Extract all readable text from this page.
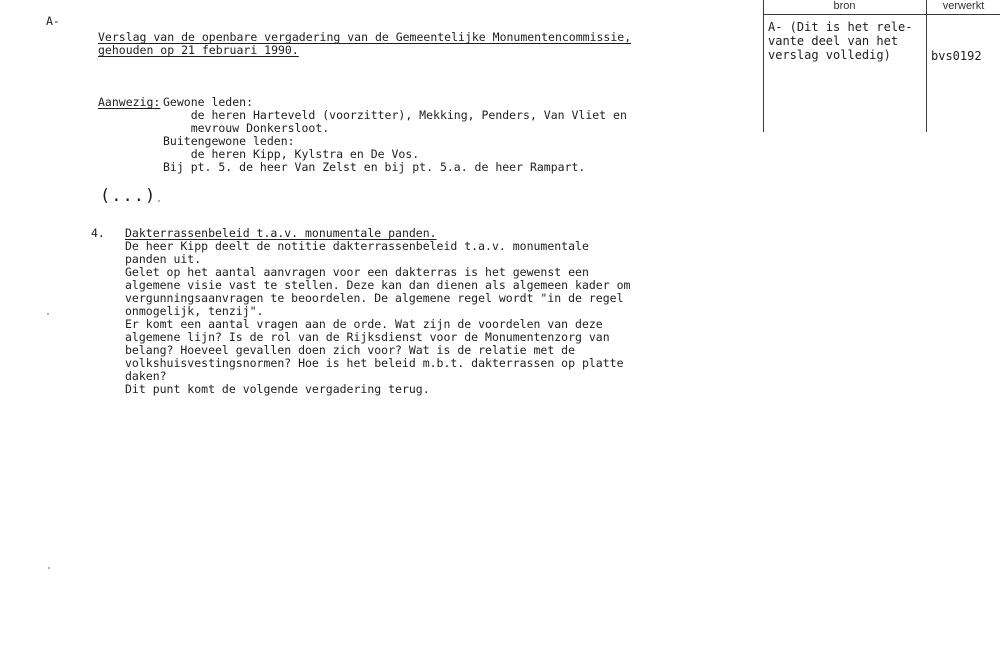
A-
Verslag van de openbare vergadering van de Gemeentelijke Monumentencommissie,
gehouden op 21 februari 1990.
Aanwezig: Gewone leden:
de heren Harteveld (voorzitter), Mekking, Penders, Van Vliet en
mevrouw Donkersloot.
Buitengewone leden:
de heren Kipp, Kylstra en De Vos.
Bij pt. 5. de heer Van Zelst en bij pt. 5.a. de heer Rampart.
(...)
4. Dakterrassenbeleid t.a.v. monumentale panden.
De heer Kipp deelt de notitie dakterrassenbeleid t.a.v. monumentale
panden uit.
Gelet op het aantal aanvragen voor een dakterras is het gewenst een
algemene visie vast te stellen. Deze kan dan dienen als algemeen kader om
vergunningsaanvragen te beoordelen. De algemene regel wordt "in de regel
onmogelijk, tenzij".
Er komt een aantal vragen aan de orde. Wat zijn de voordelen van deze
algemene lijn? Is de rol van de Rijksdienst voor de Monumentenzorg van
belang? Hoeveel gevallen doen zich voor? Wat is de relatie met de
volkshuisvestingsnormen? Hoe is het beleid m.b.t. dakterrassen op platte
daken?
Dit punt komt de volgende vergadering terug.
bron	verwerkt
A- (Dit is het rele-
vante deel van het
verslag volledig)	bvs0192
